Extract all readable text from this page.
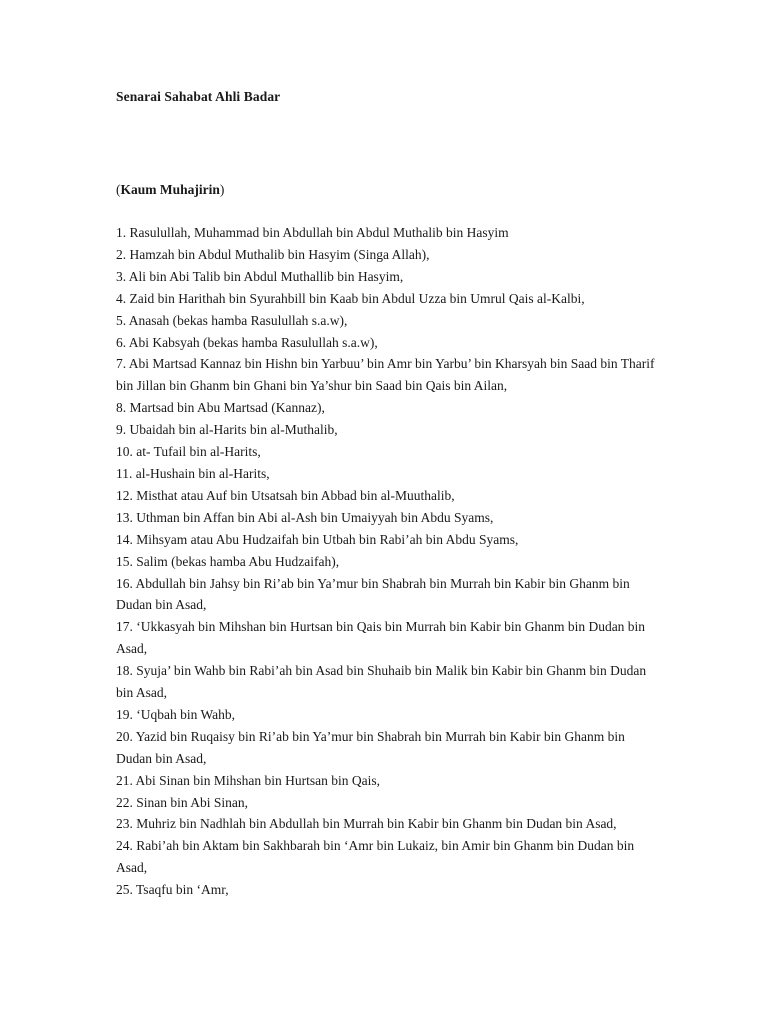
Senarai Sahabat Ahli Badar
(Kaum Muhajirin)
1. Rasulullah, Muhammad bin Abdullah bin Abdul Muthalib bin Hasyim
2. Hamzah bin Abdul Muthalib bin Hasyim (Singa Allah),
3. Ali bin Abi Talib bin Abdul Muthallib bin Hasyim,
4. Zaid bin Harithah bin Syurahbill bin Kaab bin Abdul Uzza bin Umrul Qais al-Kalbi,
5. Anasah (bekas hamba Rasulullah s.a.w),
6. Abi Kabsyah (bekas hamba Rasulullah s.a.w),
7. Abi Martsad Kannaz bin Hishn bin Yarbuu’ bin Amr bin Yarbu’ bin Kharsyah bin Saad bin Tharif bin Jillan bin Ghanm bin Ghani bin Ya’shur bin Saad bin Qais bin Ailan,
8. Martsad bin Abu Martsad (Kannaz),
9. Ubaidah bin al-Harits bin al-Muthalib,
10. at- Tufail bin al-Harits,
11. al-Hushain bin al-Harits,
12. Misthat atau Auf bin Utsatsah bin Abbad bin al-Muuthalib,
13. Uthman bin Affan bin Abi al-Ash bin Umaiyyah bin Abdu Syams,
14. Mihsyam atau Abu Hudzaifah bin Utbah bin Rabi’ah bin Abdu Syams,
15. Salim (bekas hamba Abu Hudzaifah),
16. Abdullah bin Jahsy bin Ri’ab bin Ya’mur bin Shabrah bin Murrah bin Kabir bin Ghanm bin Dudan bin Asad,
17. ‘Ukkasyah bin Mihshan bin Hurtsan bin Qais bin Murrah bin Kabir bin Ghanm bin Dudan bin Asad,
18. Syuja’ bin Wahb bin Rabi’ah bin Asad bin Shuhaib bin Malik bin Kabir bin Ghanm bin Dudan bin Asad,
19. ‘Uqbah bin Wahb,
20. Yazid bin Ruqaisy bin Ri’ab bin Ya’mur bin Shabrah bin Murrah bin Kabir bin Ghanm bin Dudan bin Asad,
21. Abi Sinan bin Mihshan bin Hurtsan bin Qais,
22. Sinan bin Abi Sinan,
23. Muhriz bin Nadhlah bin Abdullah bin Murrah bin Kabir bin Ghanm bin Dudan bin Asad,
24. Rabi’ah bin Aktam bin Sakhbarah bin ‘Amr bin Lukaiz, bin Amir bin Ghanm bin Dudan bin Asad,
25. Tsaqfu bin ‘Amr,
